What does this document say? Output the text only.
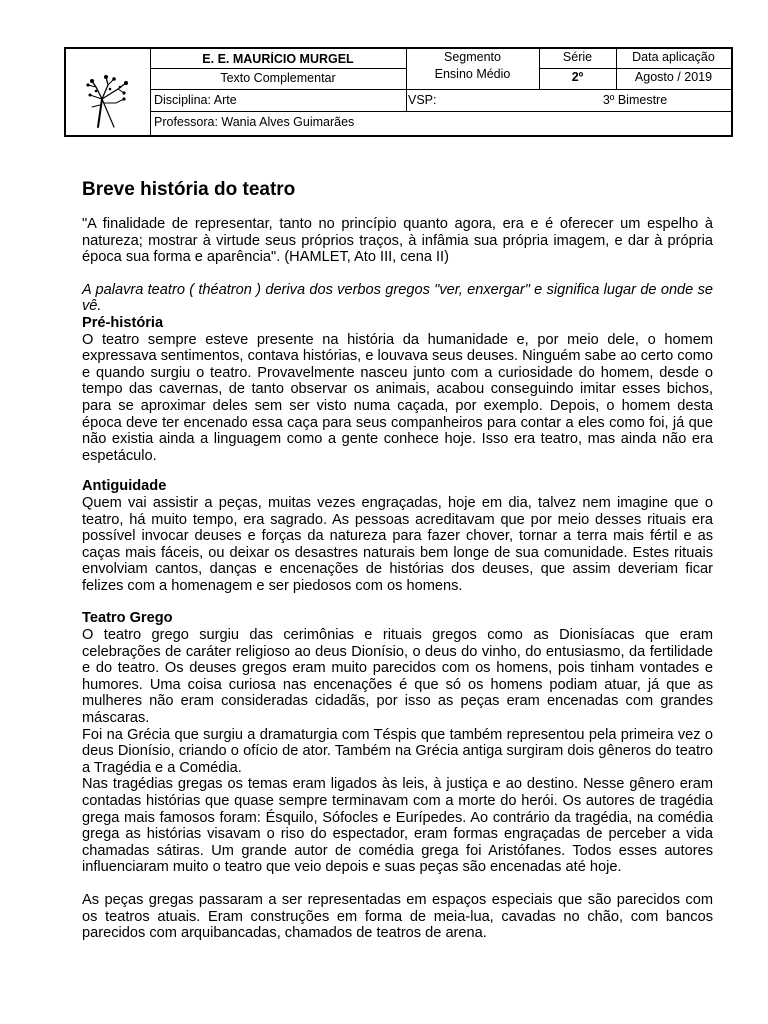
E. E. MAURÍCIO MURGEL
Texto Complementar
Segmento
Ensino Médio
Série
2º
Data aplicação
Agosto / 2019
Disciplina: Arte	VSP:	3º Bimestre
Professora: Wania Alves Guimarães
Breve história do teatro

"A finalidade de representar, tanto no princípio quanto agora, era e é oferecer um espelho à natureza; mostrar à virtude seus próprios traços, à infâmia sua própria imagem, e dar à própria época sua forma e aparência". (HAMLET, Ato III, cena II)

A palavra teatro ( théatron ) deriva dos verbos gregos "ver, enxergar" e significa lugar de onde se vê.

Pré-história

O teatro sempre esteve presente na história da humanidade e, por meio dele, o homem expressava sentimentos, contava histórias, e louvava seus deuses. Ninguém sabe ao certo como e quando surgiu o teatro. Provavelmente nasceu junto com a curiosidade do homem, desde o tempo das cavernas, de tanto observar os animais, acabou conseguindo imitar esses bichos, para se aproximar deles sem ser visto numa caçada, por exemplo. Depois, o homem desta época deve ter encenado essa caça para seus companheiros para contar a eles como foi, já que não existia ainda a linguagem como a gente conhece hoje. Isso era teatro, mas ainda não era espetáculo.

Antiguidade

Quem vai assistir a peças, muitas vezes engraçadas, hoje em dia, talvez nem imagine que o teatro, há muito tempo, era sagrado. As pessoas acreditavam que por meio desses rituais era possível invocar deuses e forças da natureza para fazer chover, tornar a terra mais fértil e as caças mais fáceis, ou deixar os desastres naturais bem longe de sua comunidade. Estes rituais envolviam cantos, danças e encenações de histórias dos deuses, que assim deveriam ficar felizes com a homenagem e ser piedosos com os homens.

Teatro Grego

O teatro grego surgiu das cerimônias e rituais gregos como as Dionisíacas que eram celebrações de caráter religioso ao deus Dionísio, o deus do vinho, do entusiasmo, da fertilidade e do teatro. Os deuses gregos eram muito parecidos com os homens, pois tinham vontades e humores. Uma coisa curiosa nas encenações é que só os homens podiam atuar, já que as mulheres não eram consideradas cidadãs, por isso as peças eram encenadas com grandes máscaras.

Foi na Grécia que surgiu a dramaturgia com Téspis que também representou pela primeira vez o deus Dionísio, criando o ofício de ator. Também na Grécia antiga surgiram dois gêneros do teatro a Tragédia e a Comédia.

Nas tragédias gregas os temas eram ligados às leis, à justiça e ao destino. Nesse gênero eram contadas histórias que quase sempre terminavam com a morte do herói. Os autores de tragédia grega mais famosos foram: Ésquilo, Sófocles e Eurípedes. Ao contrário da tragédia, na comédia grega as histórias visavam o riso do espectador, eram formas engraçadas de perceber a vida chamadas sátiras. Um grande autor de comédia grega foi Aristófanes. Todos esses autores influenciaram muito o teatro que veio depois e suas peças são encenadas até hoje.

As peças gregas passaram a ser representadas em espaços especiais que são parecidos com os teatros atuais. Eram construções em forma de meia-lua, cavadas no chão, com bancos parecidos com arquibancadas, chamados de teatros de arena.
